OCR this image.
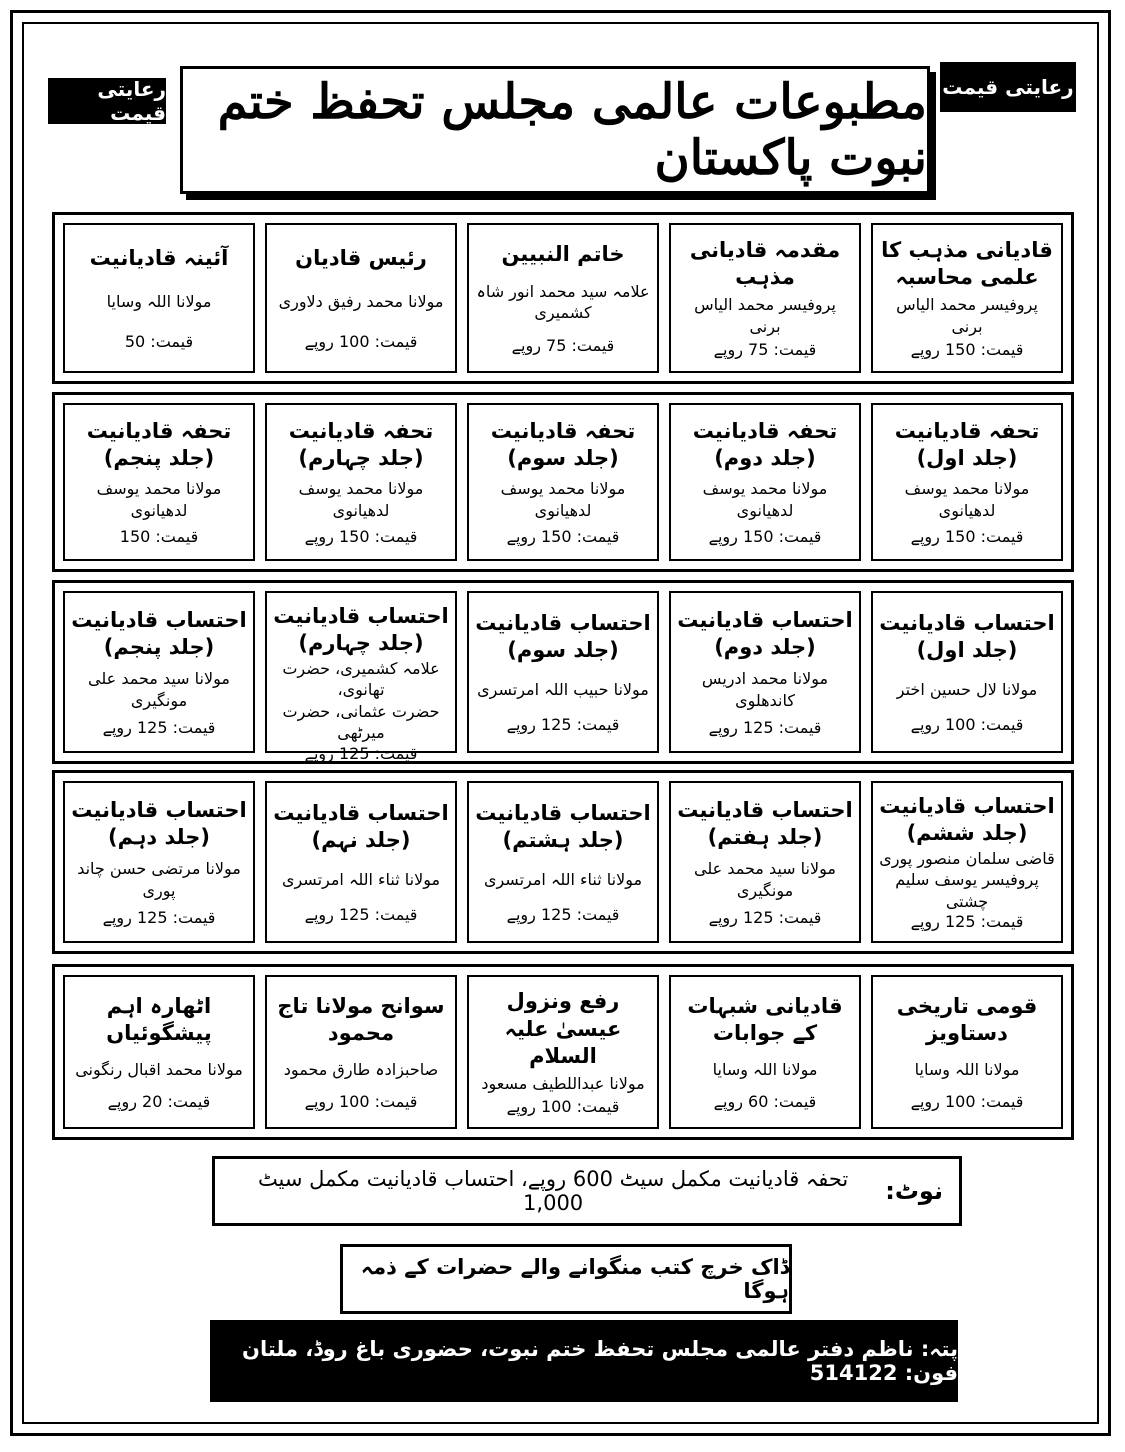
رعایتی قیمت
رعایتی قیمت
مطبوعات عالمی مجلس تحفظ ختم نبوت پاکستان
قادیانی مذہب کا علمی محاسبہ
پروفیسر محمد الیاس برنی
قیمت: 150 روپے
مقدمہ قادیانی مذہب
پروفیسر محمد الیاس برنی
قیمت: 75 روپے
خاتم النبیین
علامہ سید محمد انور شاہ کشمیری
قیمت: 75 روپے
رئیس قادیان
مولانا محمد رفیق دلاوری
قیمت: 100 روپے
آئینہ قادیانیت
مولانا اللہ وسایا
قیمت: 50
تحفہ قادیانیت (جلد اول)
مولانا محمد یوسف لدھیانوی
قیمت: 150 روپے
تحفہ قادیانیت (جلد دوم)
مولانا محمد یوسف لدھیانوی
قیمت: 150 روپے
تحفہ قادیانیت (جلد سوم)
مولانا محمد یوسف لدھیانوی
قیمت: 150 روپے
تحفہ قادیانیت (جلد چہارم)
مولانا محمد یوسف لدھیانوی
قیمت: 150 روپے
تحفہ قادیانیت (جلد پنجم)
مولانا محمد یوسف لدھیانوی
قیمت: 150
احتساب قادیانیت (جلد اول)
مولانا لال حسین اختر
قیمت: 100 روپے
احتساب قادیانیت (جلد دوم)
مولانا محمد ادریس کاندھلوی
قیمت: 125 روپے
احتساب قادیانیت (جلد سوم)
مولانا حبیب اللہ امرتسری
قیمت: 125 روپے
احتساب قادیانیت (جلد چہارم)
علامہ کشمیری، حضرت تھانوی،
حضرت عثمانی، حضرت میرٹھی
قیمت: 125 روپے
احتساب قادیانیت (جلد پنجم)
مولانا سید محمد علی مونگیری
قیمت: 125 روپے
احتساب قادیانیت (جلد ششم)
قاضی سلمان منصور پوری
پروفیسر یوسف سلیم چشتی
قیمت: 125 روپے
احتساب قادیانیت (جلد ہفتم)
مولانا سید محمد علی مونگیری
قیمت: 125 روپے
احتساب قادیانیت (جلد ہشتم)
مولانا ثناء اللہ امرتسری
قیمت: 125 روپے
احتساب قادیانیت (جلد نہم)
مولانا ثناء اللہ امرتسری
قیمت: 125 روپے
احتساب قادیانیت (جلد دہم)
مولانا مرتضی حسن چاند پوری
قیمت: 125 روپے
قومی تاریخی دستاویز
مولانا اللہ وسایا
قیمت: 100 روپے
قادیانی شبہات کے جوابات
مولانا اللہ وسایا
قیمت: 60 روپے
رفع ونزول عیسیٰ علیہ السلام
مولانا عبداللطیف مسعود
قیمت: 100 روپے
سوانح مولانا تاج محمود
صاحبزادہ طارق محمود
قیمت: 100 روپے
اٹھارہ اہم پیشگوئیاں
مولانا محمد اقبال رنگونی
قیمت: 20 روپے
نوٹ:
تحفہ قادیانیت مکمل سیٹ 600 روپے، احتساب قادیانیت مکمل سیٹ 1,000
ڈاک خرچ کتب منگوانے والے حضرات کے ذمہ ہوگا
پتہ: ناظم دفتر عالمی مجلس تحفظ ختم نبوت، حضوری باغ روڈ، ملتان فون: 514122
